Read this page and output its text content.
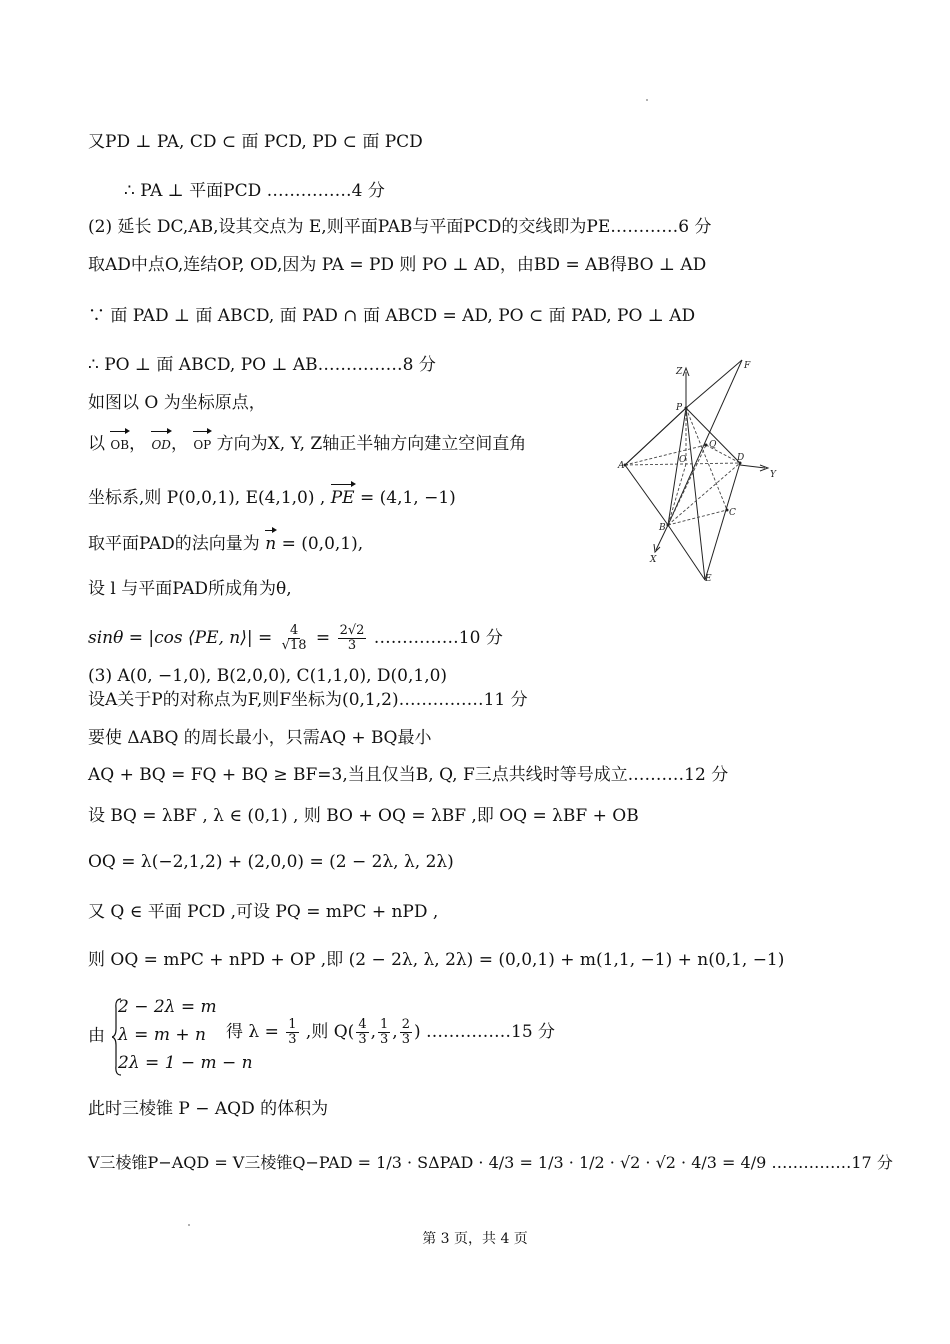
又PD ⊥ PA, CD ⊂ 面 PCD, PD ⊂ 面 PCD
∴ PA ⊥ 平面PCD ……………4 分
(2) 延长 DC,AB,设其交点为 E,则平面PAB与平面PCD的交线即为PE…………6 分
取AD中点O,连结OP, OD,因为 PA = PD 则 PO ⊥ AD，由BD = AB得BO ⊥ AD
∵ 面 PAD ⊥ 面 ABCD, 面 PAD ∩ 面 ABCD = AD, PO ⊂ 面 PAD, PO ⊥ AD
∴ PO ⊥ 面 ABCD, PO ⊥ AB……………8 分
如图以 O 为坐标原点，
以 OB， OD， OP 方向为X, Y, Z轴正半轴方向建立空间直角
坐标系,则 P(0,0,1), E(4,1,0) , PE = (4,1, −1)
取平面PAD的法向量为 n = (0,0,1),
设 l 与平面PAD所成角为θ,
sinθ = |cos ⟨PE, n⟩| = $\frac{4}{√18} = \frac{2√2}{3}$ ……………10 分
(3) A(0, −1,0), B(2,0,0), C(1,1,0), D(0,1,0)
设A关于P的对称点为F,则F坐标为(0,1,2)……………11 分
要使 ΔABQ 的周长最小，只需AQ + BQ最小
AQ + BQ = FQ + BQ ≥ BF=3,当且仅当B, Q, F三点共线时等号成立.………12 分
设 BQ = λBF , λ ∈ (0,1) , 则 BO + OQ = λBF ,即 OQ = λBF + OB
OQ = λ(−2,1,2) + (2,0,0) = (2 − 2λ, λ, 2λ)
又 Q ∈ 平面 PCD ,可设 PQ = mPC + nPD ,
则 OQ = mPC + nPD + OP ,即 (2 − 2λ, λ, 2λ) = (0,0,1) + m(1,1, −1) + n(0,1, −1)
由
2 − 2λ = m
λ = m + n
2λ = 1 − m − n
得 $\lambda = \frac{1}{3}$ ,则 $Q( \frac{4}{3}$ , $\frac{1}{3}$ , $\frac{2}{3}$ ) ……………15 分
此时三棱锥 P − AQD 的体积为
V三棱锥P−AQD = V三棱锥Q−PAD = 1/3 · SΔPAD · 4/3 = 1/3 · 1/2 · √2 · √2 · 4/3 = 4/9 ……………17 分
Z
F
P
Q
A
O	D
Y
C
B
X
E
第 3 页，共 4 页
